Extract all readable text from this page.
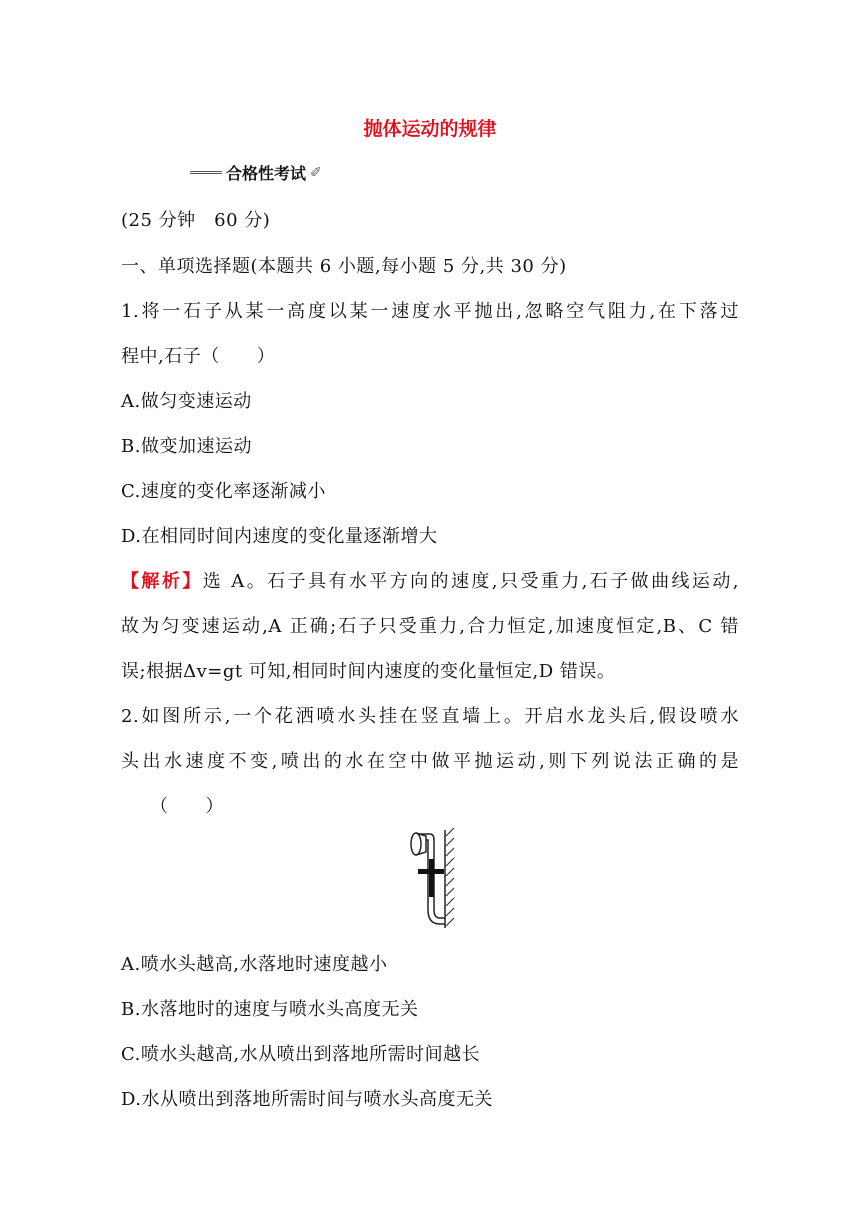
抛体运动的规律
合格性考试 ✐
(25 分钟　60 分)
一、单项选择题(本题共 6 小题,每小题 5 分,共 30 分)
1.将一石子从某一高度以某一速度水平抛出,忽略空气阻力,在下落过
程中,石子（　　）
A.做匀变速运动
B.做变加速运动
C.速度的变化率逐渐减小
D.在相同时间内速度的变化量逐渐增大
【解析】选 A。石子具有水平方向的速度,只受重力,石子做曲线运动,
故为匀变速运动,A 正确;石子只受重力,合力恒定,加速度恒定,B、C 错
误;根据Δv=gt 可知,相同时间内速度的变化量恒定,D 错误。
2.如图所示,一个花洒喷水头挂在竖直墙上。开启水龙头后,假设喷水
头出水速度不变,喷出的水在空中做平抛运动,则下列说法正确的是
（　　）
A.喷水头越高,水落地时速度越小
B.水落地时的速度与喷水头高度无关
C.喷水头越高,水从喷出到落地所需时间越长
D.水从喷出到落地所需时间与喷水头高度无关
